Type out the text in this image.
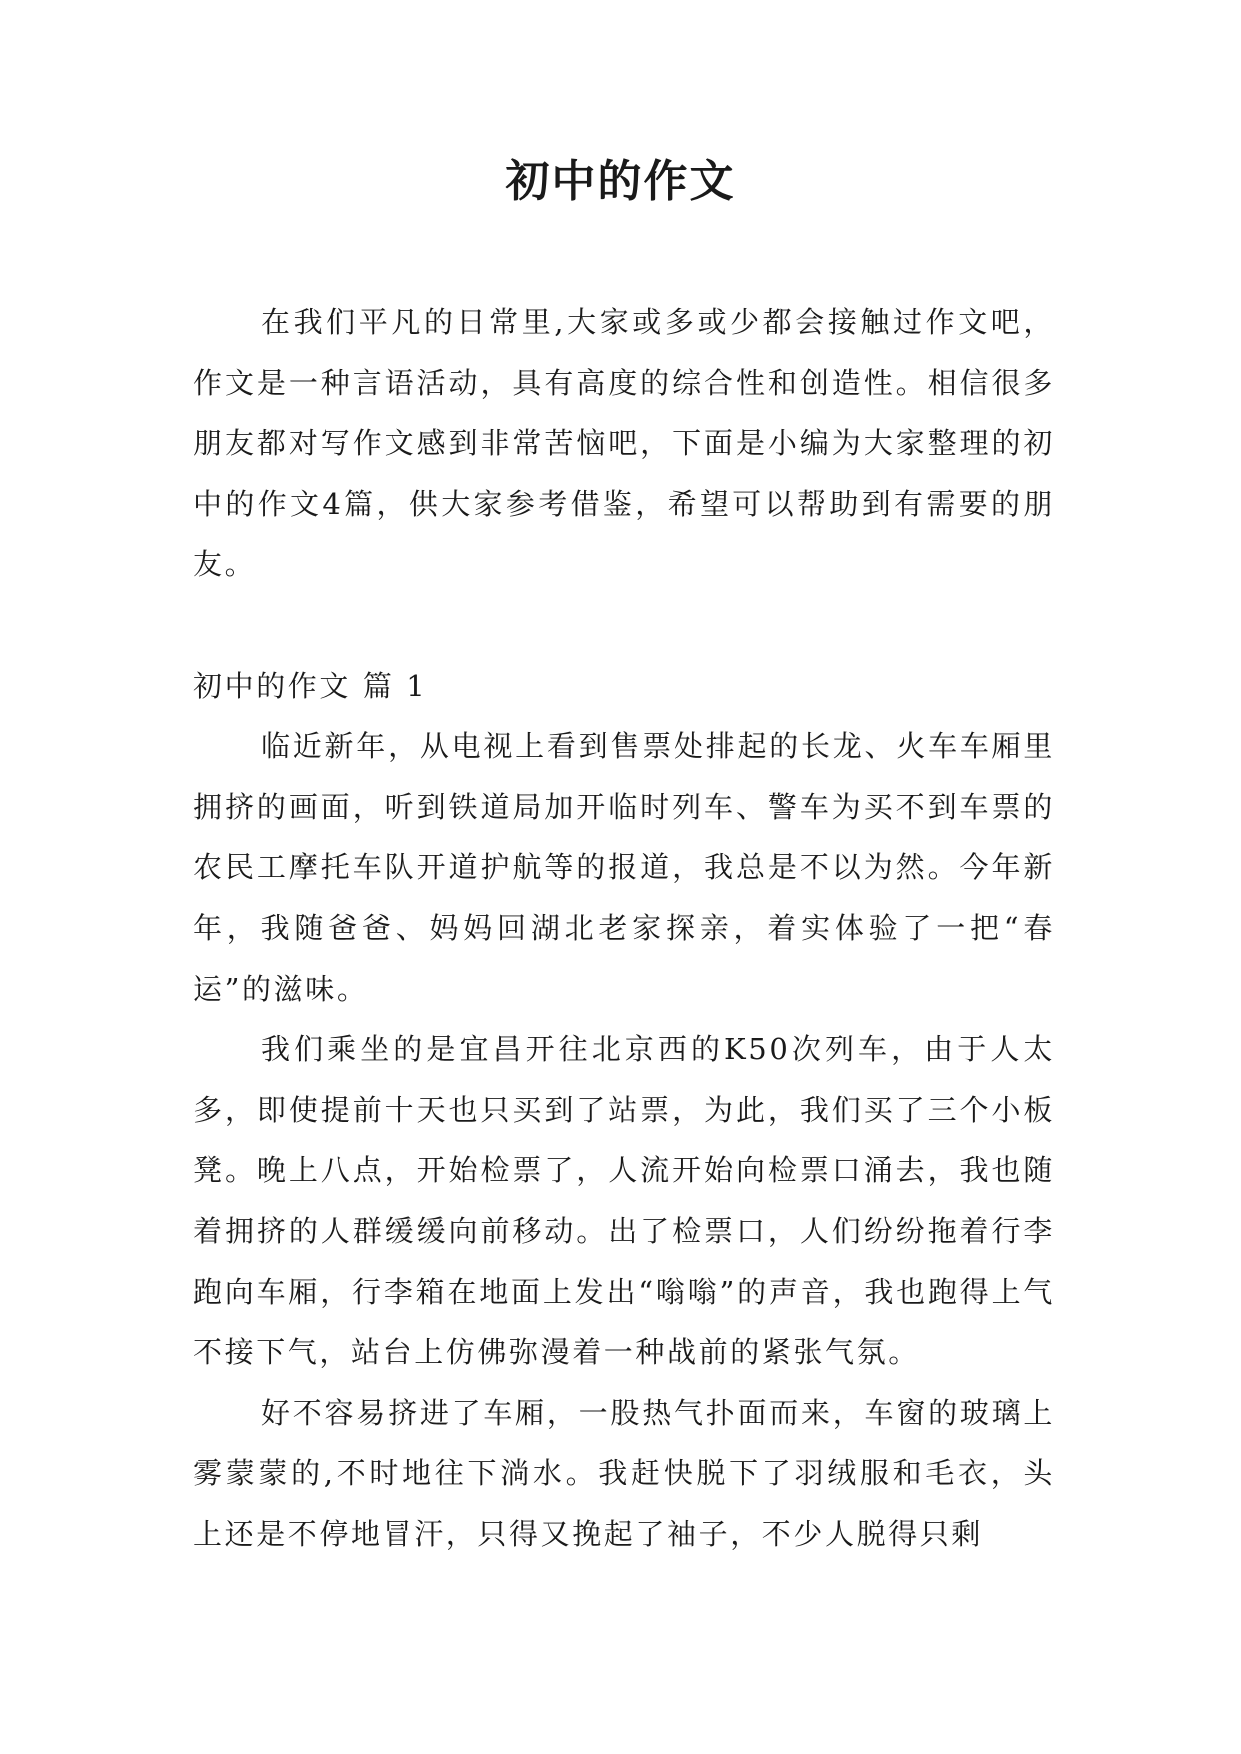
初中的作文

在我们平凡的日常里,大家或多或少都会接触过作文吧，作文是一种言语活动，具有高度的综合性和创造性。相信很多朋友都对写作文感到非常苦恼吧，下面是小编为大家整理的初中的作文4篇，供大家参考借鉴，希望可以帮助到有需要的朋友。

初中的作文 篇 1

临近新年，从电视上看到售票处排起的长龙、火车车厢里拥挤的画面，听到铁道局加开临时列车、警车为买不到车票的农民工摩托车队开道护航等的报道，我总是不以为然。今年新年，我随爸爸、妈妈回湖北老家探亲，着实体验了一把“春运”的滋味。

我们乘坐的是宜昌开往北京西的K50次列车，由于人太多，即使提前十天也只买到了站票，为此，我们买了三个小板凳。晚上八点，开始检票了，人流开始向检票口涌去，我也随着拥挤的人群缓缓向前移动。出了检票口，人们纷纷拖着行李跑向车厢，行李箱在地面上发出“嗡嗡”的声音，我也跑得上气不接下气，站台上仿佛弥漫着一种战前的紧张气氛。

好不容易挤进了车厢，一股热气扑面而来，车窗的玻璃上雾蒙蒙的,不时地往下淌水。我赶快脱下了羽绒服和毛衣，头上还是不停地冒汗，只得又挽起了袖子，不少人脱得只剩
